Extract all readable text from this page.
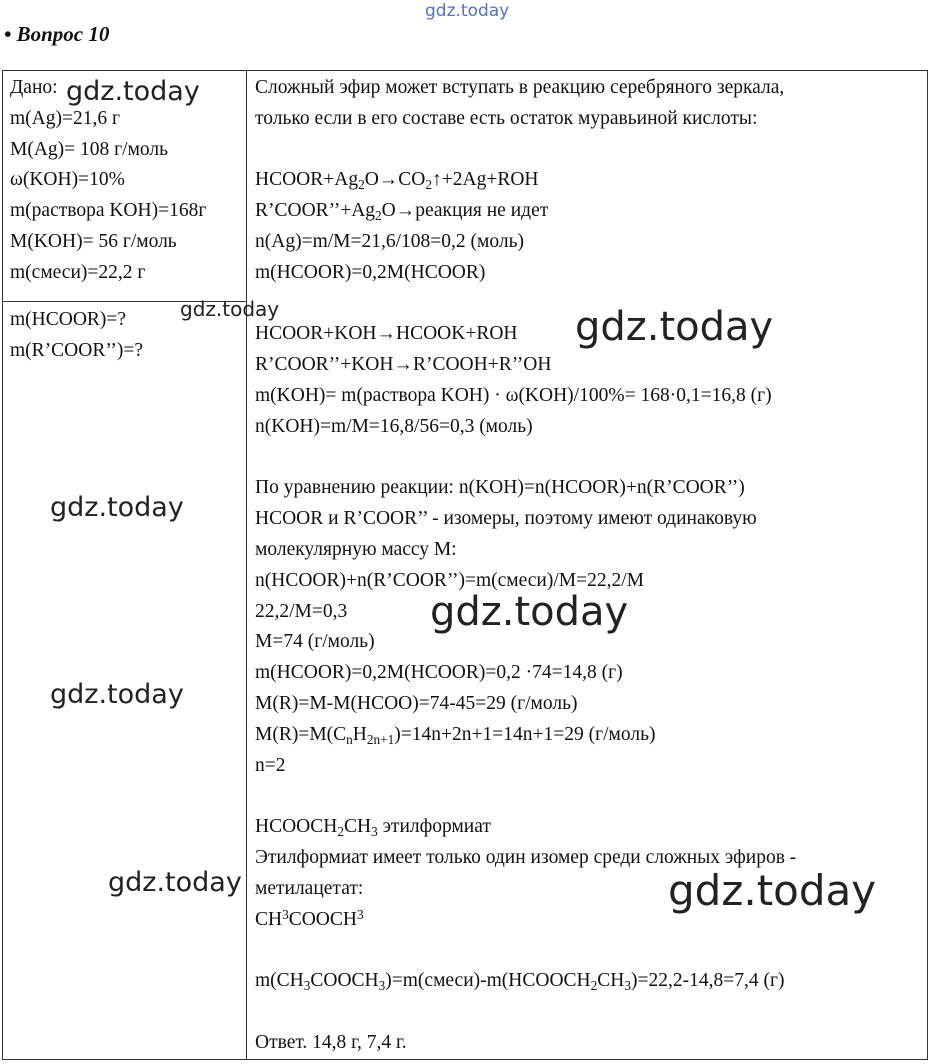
gdz.today
• Вопрос 10
Дано:
m(Ag)=21,6 г
M(Ag)= 108 г/моль
ω(KOH)=10%
m(раствора KOH)=168г
M(KOH)= 56 г/моль
m(смеси)=22,2 г
m(HCOOR)=?
m(R’COOR’’)=?
Сложный эфир может вступать в реакцию серебряного зеркала,
только если в его составе есть остаток муравьиной кислоты:
$HCOOR+Ag_2O\to CO_2↑+2Ag+ROH$
$R’COOR’’+Ag_2O\to реакция$ не идет
n(Ag)=m/M=21,6/108=0,2 (моль)
m(HCOOR)=0,2M(HCOOR)
HCOOR+KOH→HCOOK+ROH
R’COOR’’+KOH→R’COOH+R’’OH
m(KOH)= m(раствора KOH) · ω(KOH)/100%= 168·0,1=16,8 (г)
n(KOH)=m/M=16,8/56=0,3 (моль)
По уравнению реакции: n(KOH)=n(HCOOR)+n(R’COOR’’)
HCOOR и R’COOR’’ - изомеры, поэтому имеют одинаковую
молекулярную массу M:
n(HCOOR)+n(R’COOR’’)=m(смеси)/M=22,2/M
22,2/M=0,3
M=74 (г/моль)
m(HCOOR)=0,2M(HCOOR)=0,2 ·74=14,8 (г)
M(R)=M-M(HCOO)=74-45=29 (г/моль)
$M(R)=M(C_nH_{2n+1})=14n+2n+1=14n+1=29$ (г/моль)
n=2
$HCOOCH_2CH_3$ этилформиат
Этилформиат имеет только один изомер среди сложных эфиров -
метилацетат:
$CH^3COOCH^3$
$m(CH_3COOCH_3)=m(смеси)-m(HCOOCH_2CH_3)=22,2-14,8=7,4$ (г)
Ответ. 14,8 г, 7,4 г.
gdz.today
gdz.today	gdz.today
gdz.today
gdz.today
gdz.today
gdz.today	gdz.today
